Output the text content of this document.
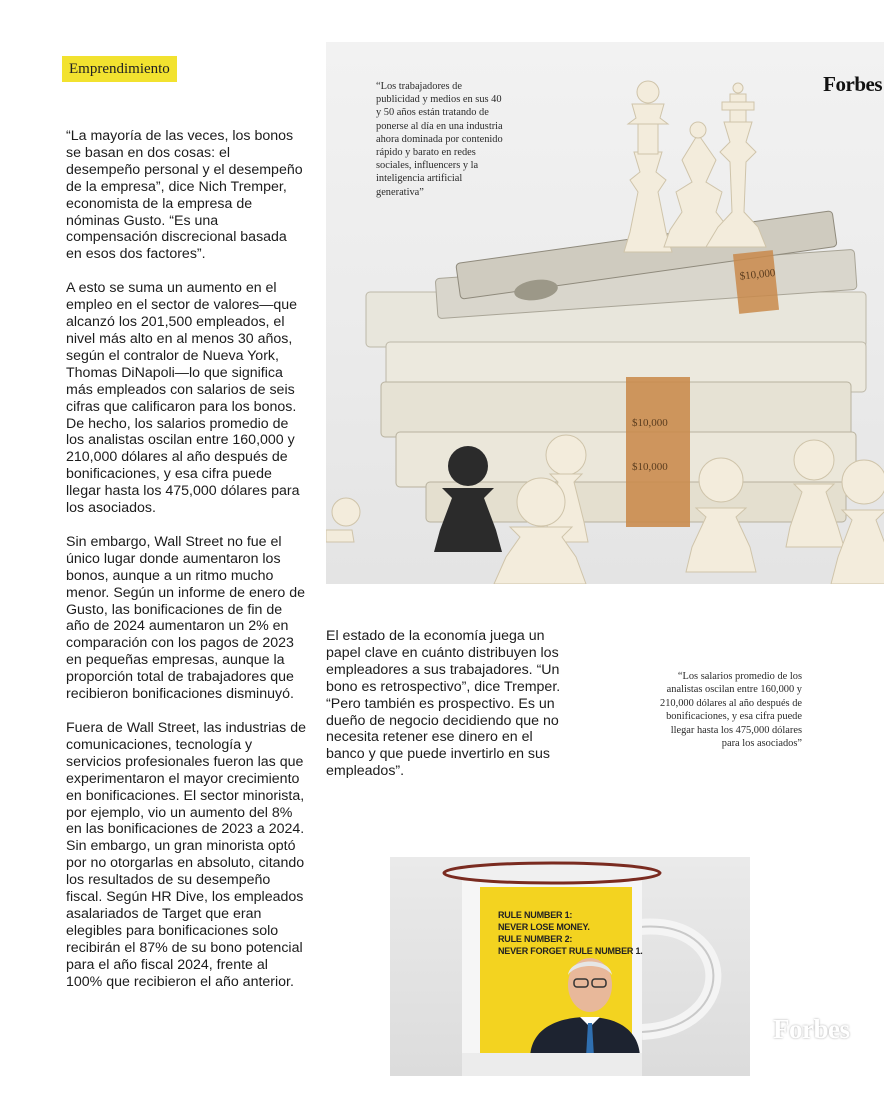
Emprendimiento

“La mayoría de las veces, los bonos se basan en dos cosas: el desempeño personal y el desempeño de la empresa”, dice Nich Tremper, economista de la empresa de nóminas Gusto. “Es una compensación discrecional basada en esos dos factores”.

A esto se suma un aumento en el empleo en el sector de valores—que alcanzó los 201,500 empleados, el nivel más alto en al menos 30 años, según el contralor de Nueva York, Thomas DiNapoli—lo que significa más empleados con salarios de seis cifras que calificaron para los bonos. De hecho, los salarios promedio de los analistas oscilan entre 160,000 y 210,000 dólares al año después de bonificaciones, y esa cifra puede llegar hasta los 475,000 dólares para los asociados.

Sin embargo, Wall Street no fue el único lugar donde aumentaron los bonos, aunque a un ritmo mucho menor. Según un informe de enero de Gusto, las bonificaciones de fin de año de 2024 aumentaron un 2% en comparación con los pagos de 2023 en pequeñas empresas, aunque la proporción total de trabajadores que recibieron bonificaciones disminuyó.

Fuera de Wall Street, las industrias de comunicaciones, tecnología y servicios profesionales fueron las que experimentaron el mayor crecimiento en bonificaciones. El sector minorista, por ejemplo, vio un aumento del 8% en las bonificaciones de 2023 a 2024. Sin embargo, un gran minorista optó por no otorgarlas en absoluto, citando los resultados de su desempeño fiscal. Según HR Dive, los empleados asalariados de Target que eran elegibles para bonificaciones solo recibirán el 87% de su bono potencial para el año fiscal 2024, frente al 100% que recibieron el año anterior.

$10,000
$10,000
$10,000
“Los trabajadores de publicidad y medios en sus 40 y 50 años están tratando de ponerse al día en una industria ahora dominada por contenido rápido y barato en redes sociales, influencers y la inteligencia artificial generativa”
Forbes

El estado de la economía juega un papel clave en cuánto distribuyen los empleadores a sus trabajadores. “Un bono es retrospectivo”, dice Tremper. “Pero también es prospectivo. Es un dueño de negocio decidiendo que no necesita retener ese dinero en el banco y que puede invertirlo en sus empleados”.

“Los salarios promedio de los analistas oscilan entre 160,000 y 210,000 dólares al año después de bonificaciones, y esa cifra puede llegar hasta los 475,000 dólares para los asociados”
RULE NUMBER 1:
NEVER LOSE MONEY.
RULE NUMBER 2:
NEVER FORGET RULE NUMBER 1.
Forbes
